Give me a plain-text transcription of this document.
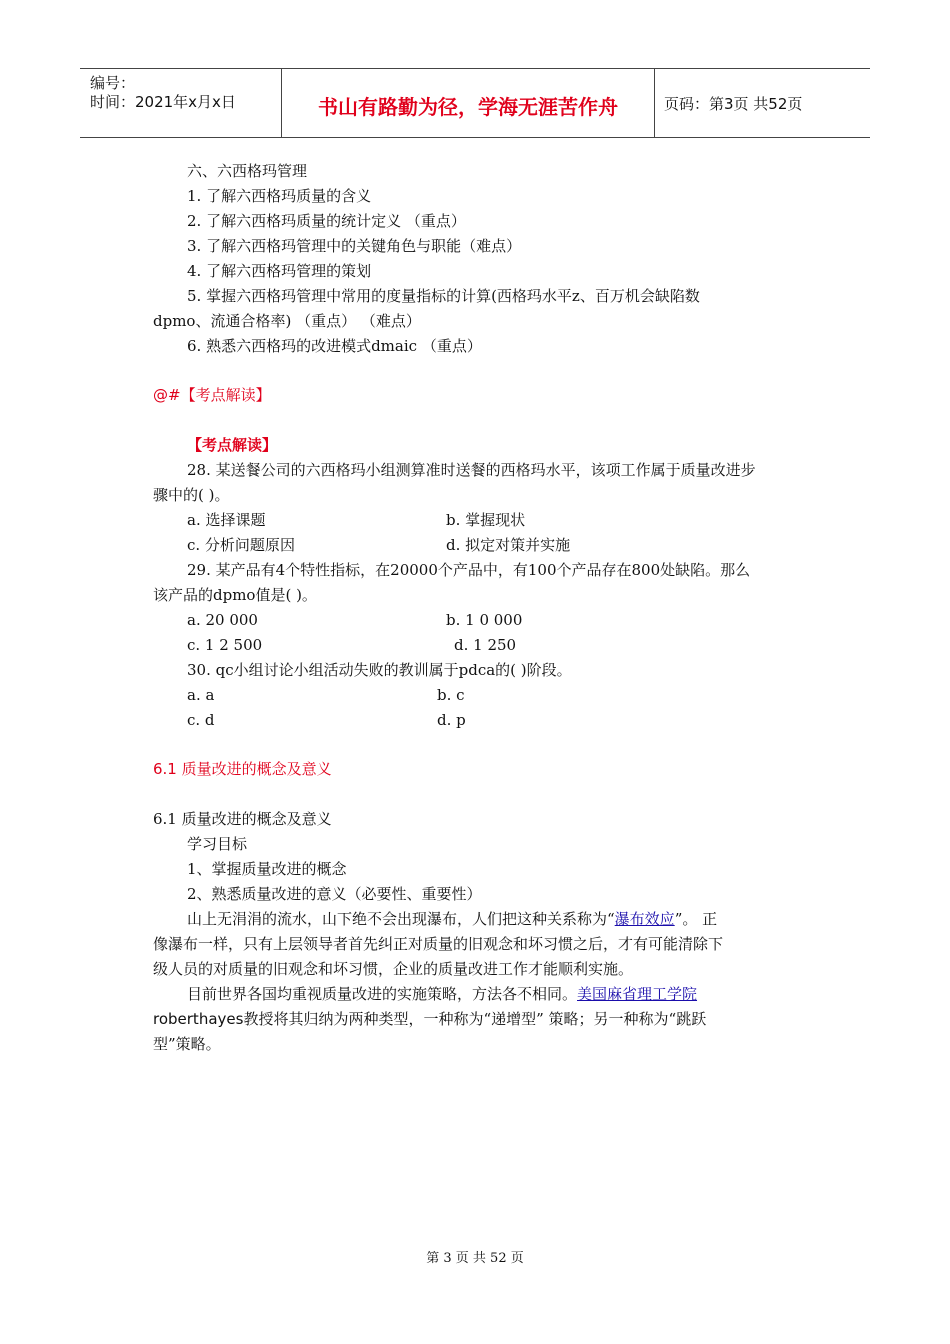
编号：
时间：2021年x月x日	书山有路勤为径，学海无涯苦作舟	页码：第3页 共52页
六、六西格玛管理
1. 了解六西格玛质量的含义
2. 了解六西格玛质量的统计定义 （重点）
3. 了解六西格玛管理中的关键角色与职能（难点）
4. 了解六西格玛管理的策划
5. 掌握六西格玛管理中常用的度量指标的计算(西格玛水平z、百万机会缺陷数
dpmo、流通合格率) （重点） （难点）
6. 熟悉六西格玛的改进模式dmaic （重点）
@#【考点解读】
【考点解读】
28. 某送餐公司的六西格玛小组测算准时送餐的西格玛水平，该项工作属于质量改进步
骤中的( )。
a. 选择课题	b. 掌握现状
c. 分析问题原因	d. 拟定对策并实施
29. 某产品有4个特性指标，在20000个产品中，有100个产品存在800处缺陷。那么
该产品的dpmo值是( )。
a. 20 000	b. 1 0 000
c. 1 2 500	d. 1 250
30. qc小组讨论小组活动失败的教训属于pdca的( )阶段。
a. a	b. c
c. d	d. p
6.1 质量改进的概念及意义
6.1 质量改进的概念及意义
学习目标
1、掌握质量改进的概念
2、熟悉质量改进的意义（必要性、重要性）
山上无涓涓的流水，山下绝不会出现瀑布，人们把这种关系称为“瀑布效应”。 正
像瀑布一样，只有上层领导者首先纠正对质量的旧观念和坏习惯之后，才有可能清除下
级人员的对质量的旧观念和坏习惯，企业的质量改进工作才能顺利实施。
目前世界各国均重视质量改进的实施策略，方法各不相同。美国麻省理工学院
roberthayes教授将其归纳为两种类型，一种称为“递增型” 策略；另一种称为“跳跃
型”策略。
第 3 页 共 52 页
